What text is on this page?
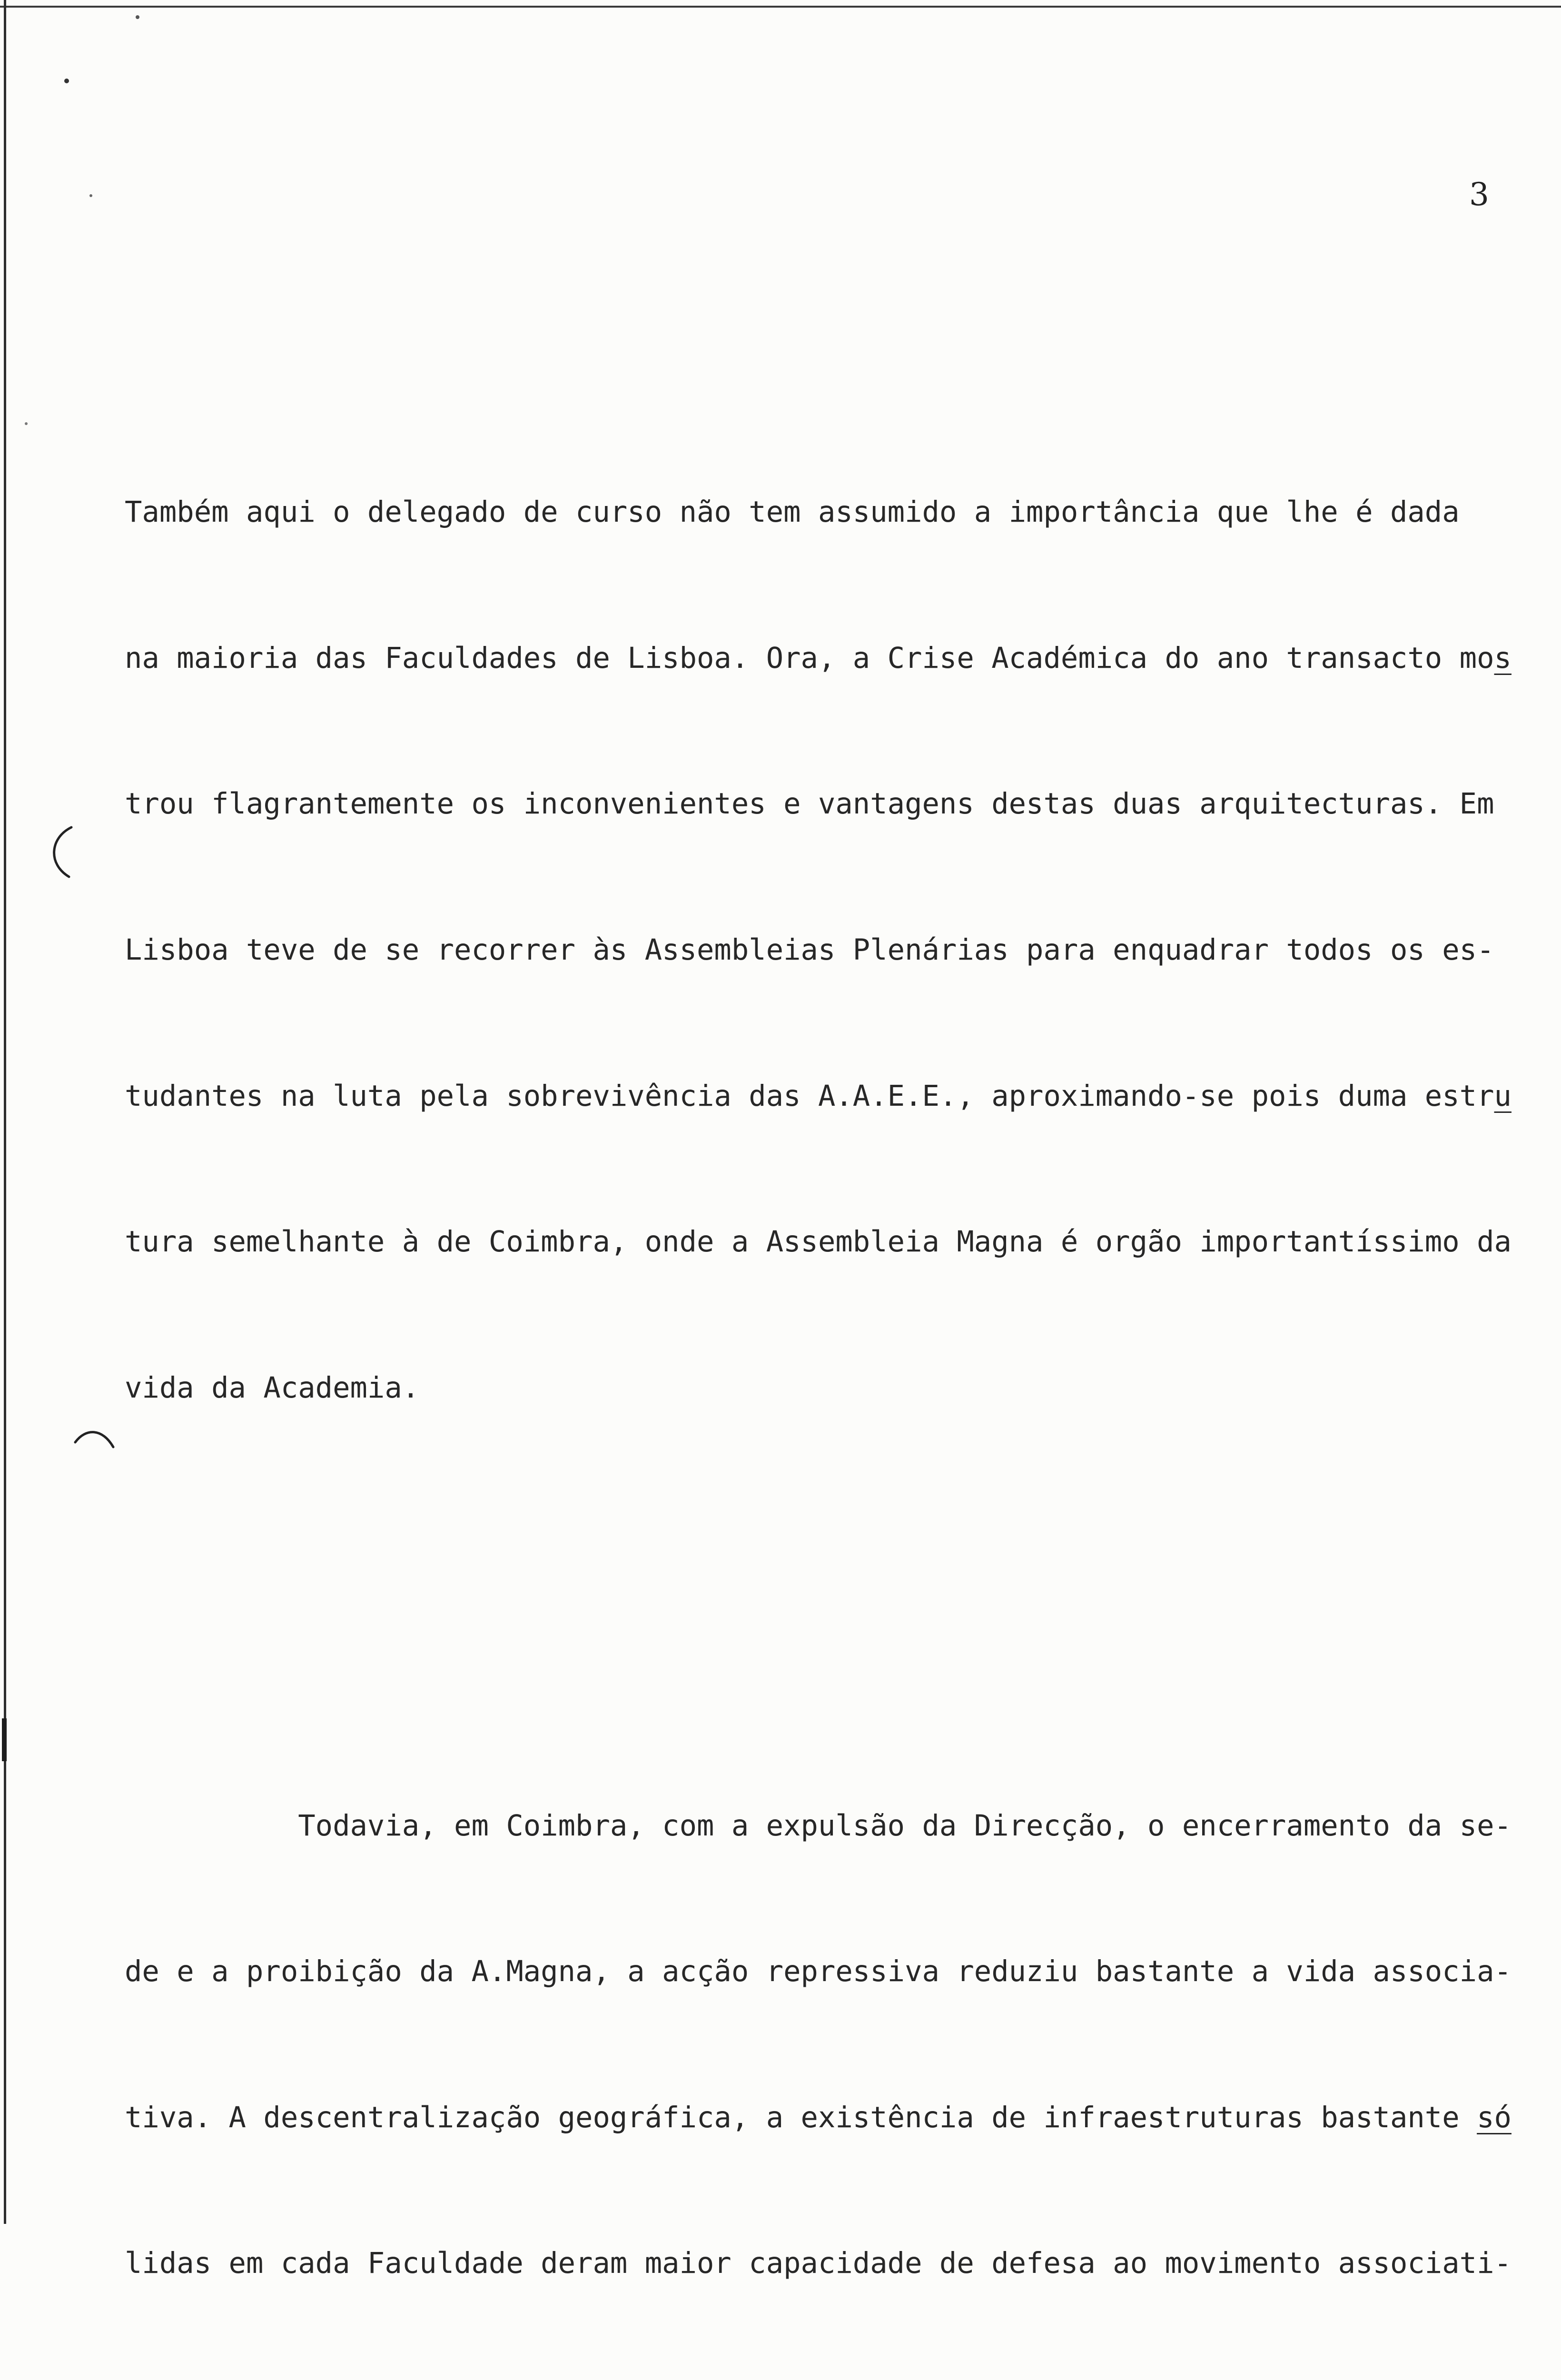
3

Também aqui o delegado de curso não tem assumido a importância que lhe é dada

na maioria das Faculdades de Lisboa. Ora, a Crise Académica do ano transacto mos

trou flagrantemente os inconvenientes e vantagens destas duas arquitecturas. Em

Lisboa teve de se recorrer às Assembleias Plenárias para enquadrar todos os es-

tudantes na luta pela sobrevivência das A.A.E.E., aproximando-se pois duma estru

tura semelhante à de Coimbra, onde a Assembleia Magna é orgão importantíssimo da

vida da Academia.

Todavia, em Coimbra, com a expulsão da Direcção, o encerramento da se-

de e a proibição da A.Magna, a acção repressiva reduziu bastante a vida associa-

tiva. A descentralização geográfica, a existência de infraestruturas bastante só

lidas em cada Faculdade deram maior capacidade de defesa ao movimento associati-
